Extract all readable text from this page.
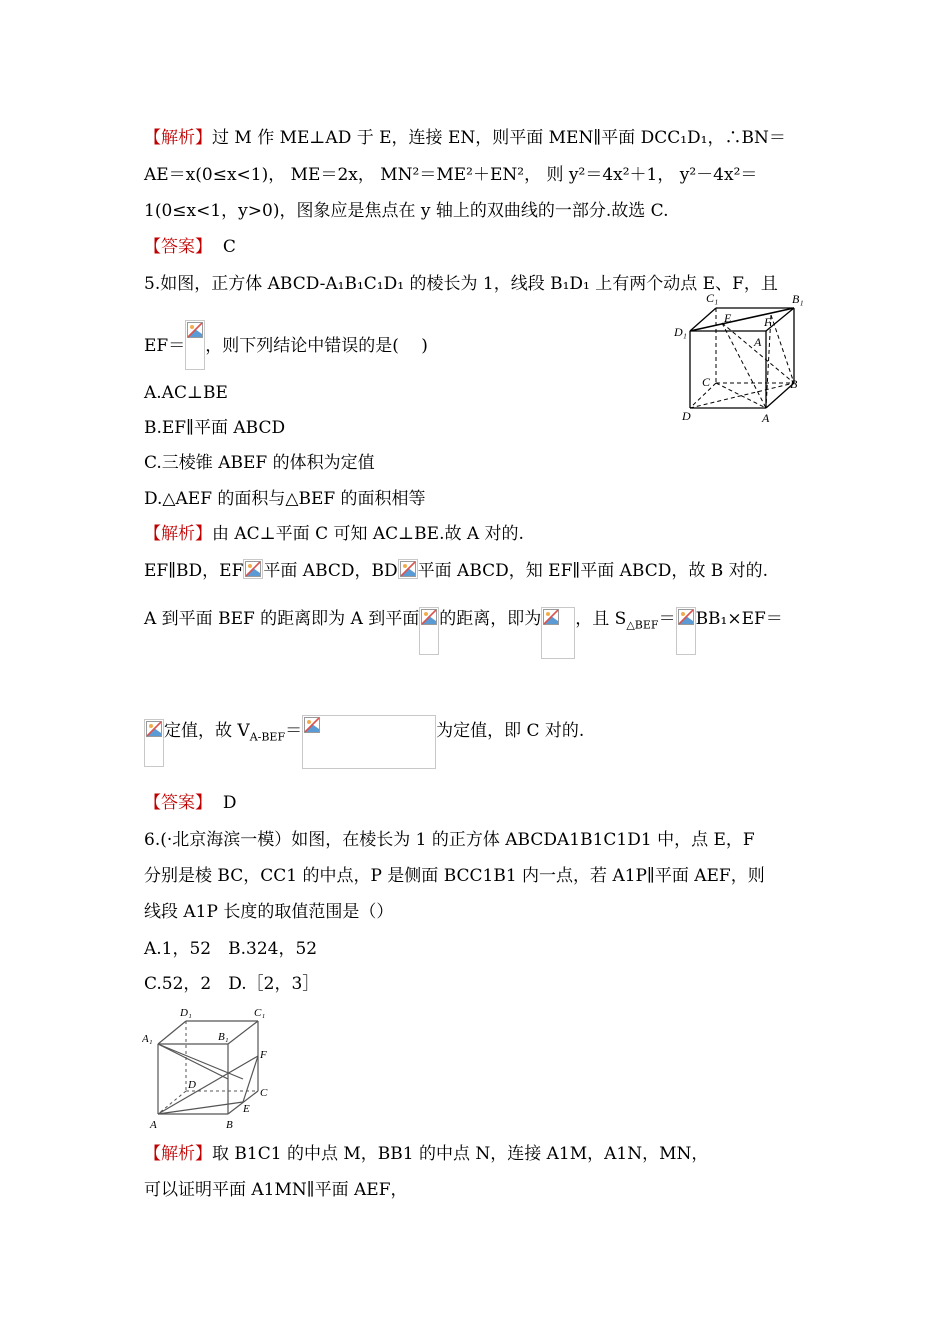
【解析】过 M 作 ME⊥AD 于 E，连接 EN，则平面 MEN∥平面 DCC₁D₁，∴BN＝
AE＝x(0≤x<1)， ME＝2x， MN²＝ME²＋EN²， 则 y²＝4x²＋1， y²－4x²＝
1(0≤x<1，y>0)，图象应是焦点在 y 轴上的双曲线的一部分.故选 C.
【答案】 C
5.如图，正方体 ABCD-A₁B₁C₁D₁ 的棱长为 1，线段 B₁D₁ 上有两个动点 E、F，且
EF＝ ，则下列结论中错误的是(　 )
C₁	B₁
D₁
E	F
A
C	B
D	A
A.AC⊥BE
B.EF∥平面 ABCD
C.三棱锥 ABEF 的体积为定值
D.△AEF 的面积与△BEF 的面积相等
【解析】由 AC⊥平面 C 可知 AC⊥BE.故 A 对的.
EF∥BD，EF 平面 ABCD，BD 平面 ABCD，知 EF∥平面 ABCD，故 B 对的.
A 到平面 BEF 的距离即为 A 到平面 的距离，即为 ，且 $S_{\triangle BEF}= BB_1\times EF=$
定值，故 $V_{A-BEF}=$	为定值，即 C 对的.
【答案】 D
6.(·北京海滨一模）如图，在棱长为 1 的正方体 ABCDA1B1C1D1 中，点 E，F
分别是棱 BC，CC1 的中点，P 是侧面 BCC1B1 内一点，若 A1P∥平面 AEF，则
线段 A1P 长度的取值范围是（）
A.1，52　B.324，52
C.52，2　D.［2，3］
D₁	C₁
A₁	B₁
F
D
C
E
A	B
【解析】取 B1C1 的中点 M，BB1 的中点 N，连接 A1M，A1N，MN，
可以证明平面 A1MN∥平面 AEF，
